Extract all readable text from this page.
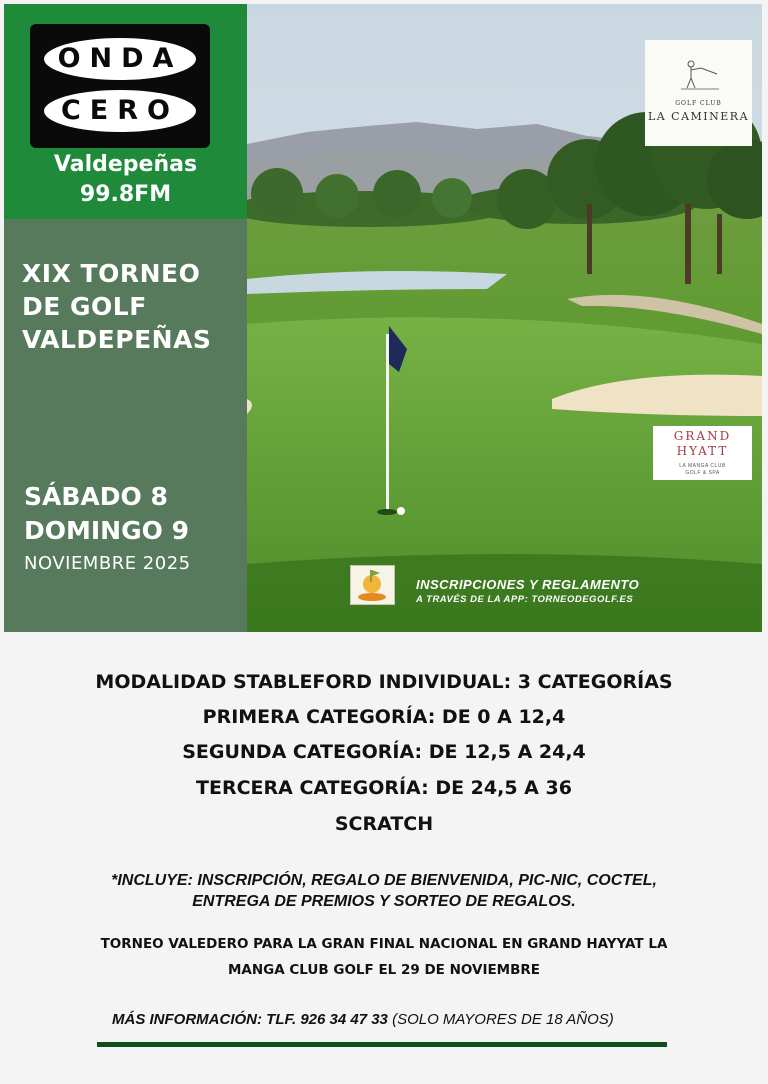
ONDA
CERO
Valdepeñas
99.8FM
XIX TORNEO
DE GOLF
VALDEPEÑAS
SÁBADO 8
DOMINGO 9
NOVIEMBRE 2025
GOLF CLUB
LA CAMINERA
GRAND
HYATT
LA MANGA CLUB
GOLF & SPA
INSCRIPCIONES Y REGLAMENTO
A TRAVÉS DE LA APP: TORNEODEGOLF.ES
MODALIDAD STABLEFORD INDIVIDUAL: 3 CATEGORÍAS
PRIMERA CATEGORÍA: DE 0 A 12,4
SEGUNDA CATEGORÍA: DE 12,5 A 24,4
TERCERA CATEGORÍA: DE 24,5 A 36
SCRATCH
*INCLUYE: INSCRIPCIÓN, REGALO DE BIENVENIDA, PIC-NIC, COCTEL,
ENTREGA DE PREMIOS Y SORTEO DE REGALOS.
TORNEO VALEDERO PARA LA GRAN FINAL NACIONAL EN GRAND HAYYAT LA
MANGA CLUB GOLF EL 29 DE NOVIEMBRE
MÁS INFORMACIÓN: TLF. 926 34 47 33 (SOLO MAYORES DE 18 AÑOS)
